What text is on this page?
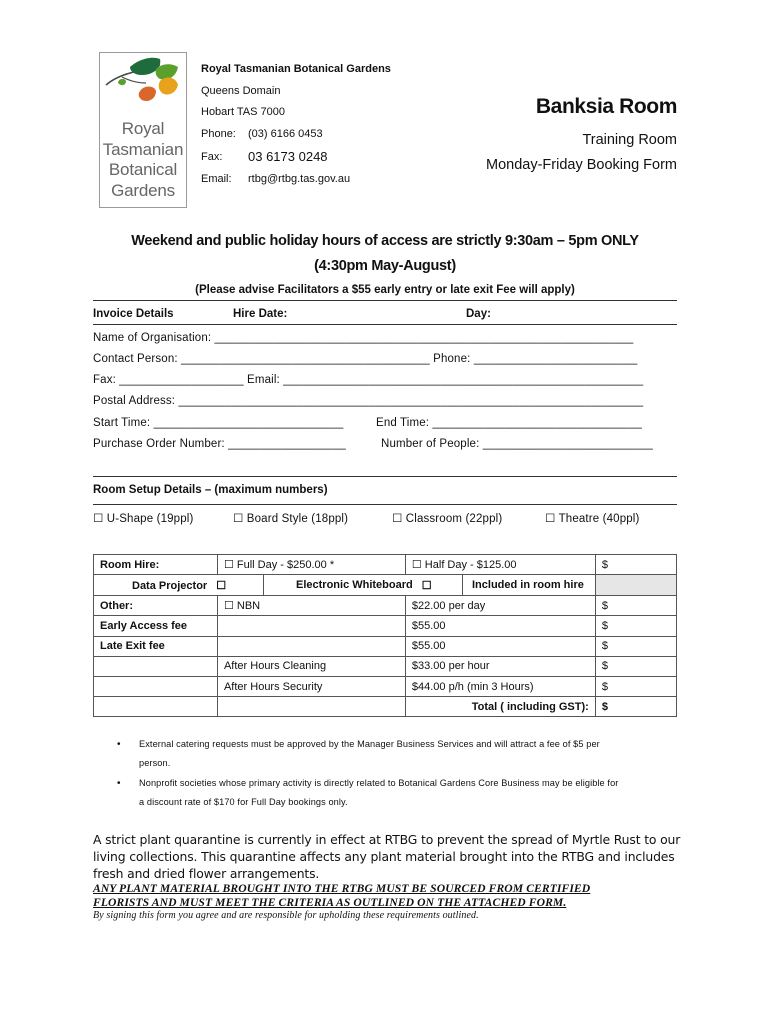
Royal
Tasmanian
Botanical
Gardens
Royal Tasmanian Botanical Gardens
Queens Domain
Hobart TAS 7000
Phone: (03) 6166 0453
Fax: 03 6173 0248
Email: rtbg@rtbg.tas.gov.au
Banksia Room
Training Room
Monday-Friday Booking Form
Weekend and public holiday hours of access are strictly 9:30am – 5pm ONLY
(4:30pm May-August)
(Please advise Facilitators a $55 early entry or late exit Fee will apply)
Invoice Details	Hire Date:	Day:
Name of Organisation: ________________________________________________________________
Contact Person: ______________________________________ Phone: _________________________
Fax: ___________________ Email: _______________________________________________________
Postal Address: _______________________________________________________________________
Start Time: _____________________________	End Time: ________________________________
Purchase Order Number: __________________	Number of People: __________________________
Room Setup Details – (maximum numbers)
☐ U-Shape (19ppl)	☐ Board Style (18ppl)	☐ Classroom (22ppl)	☐ Theatre (40ppl)
Room Hire:	☐ Full Day - $250.00 *	☐ Half Day - $125.00	$

Data Projector ☐ Electronic Whiteboard ☐ Included in room hire			

Other:	☐ NBN	$22.00 per day	$
Early Access fee		$55.00	$
Late Exit fee		$55.00	$
	After Hours Cleaning	$33.00 per hour	$
	After Hours Security	$44.00 p/h (min 3 Hours)	$
		Total ( including GST):	$
• External catering requests must be approved by the Manager Business Services and will attract a fee of $5 per
person.
• Nonprofit societies whose primary activity is directly related to Botanical Gardens Core Business may be eligible for
a discount rate of $170 for Full Day bookings only.
A strict plant quarantine is currently in effect at RTBG to prevent the spread of Myrtle Rust to our
living collections. This quarantine affects any plant material brought into the RTBG and includes
fresh and dried flower arrangements.
ANY PLANT MATERIAL BROUGHT INTO THE RTBG MUST BE SOURCED FROM CERTIFIED
FLORISTS AND MUST MEET THE CRITERIA AS OUTLINED ON THE ATTACHED FORM.
By signing this form you agree and are responsible for upholding these requirements outlined.
